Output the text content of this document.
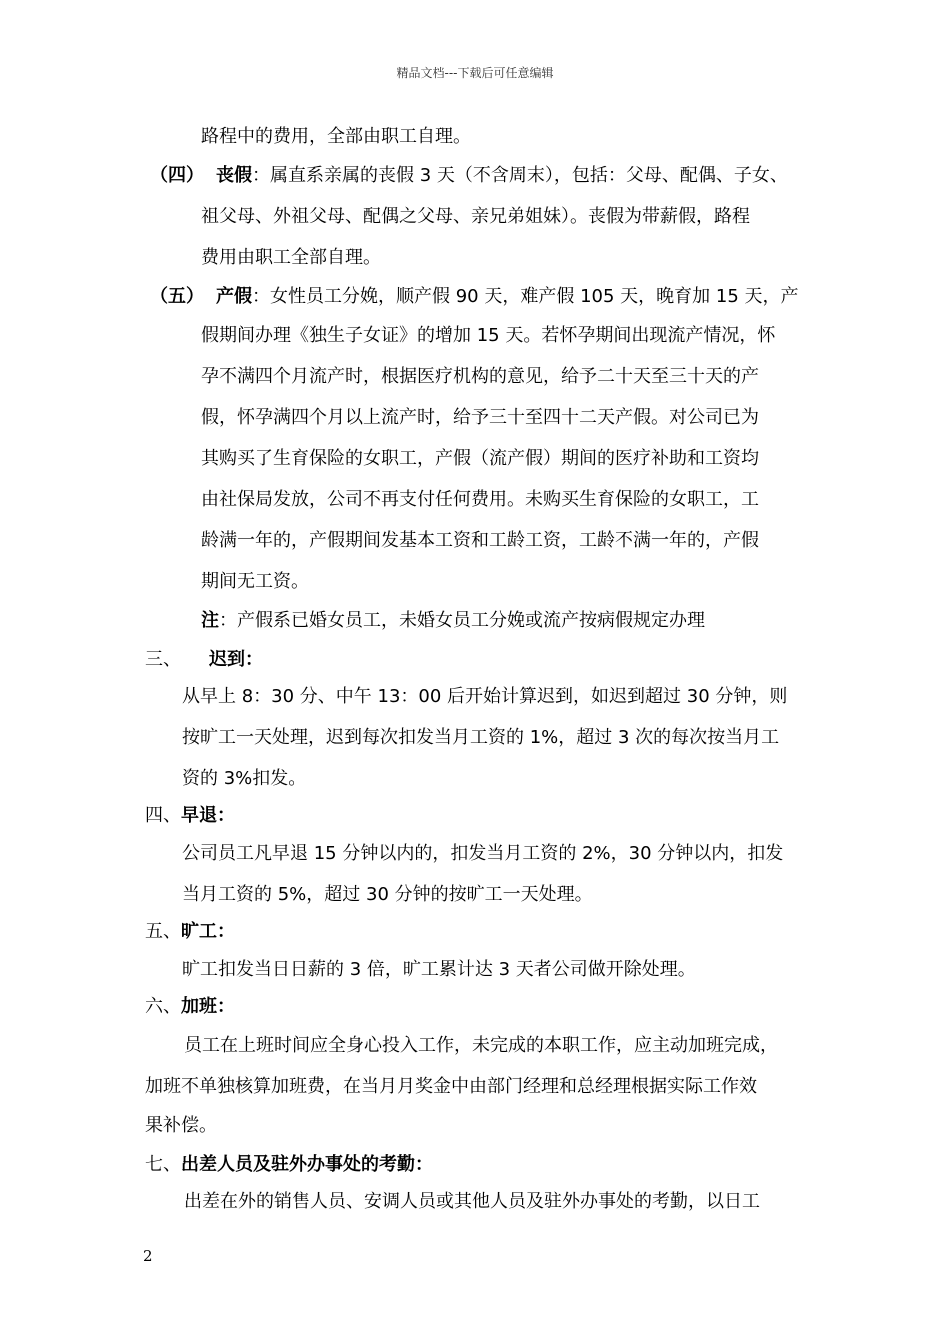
精品文档---下载后可任意编辑
路程中的费用，全部由职工自理。
（四） 丧假：属直系亲属的丧假 3 天（不含周末），包括：父母、配偶、子女、
祖父母、外祖父母、配偶之父母、亲兄弟姐妹）。丧假为带薪假，路程
费用由职工全部自理。
（五） 产假：女性员工分娩，顺产假 90 天，难产假 105 天，晚育加 15 天，产
假期间办理《独生子女证》的增加 15 天。若怀孕期间出现流产情况，怀
孕不满四个月流产时，根据医疗机构的意见，给予二十天至三十天的产
假，怀孕满四个月以上流产时，给予三十至四十二天产假。对公司已为
其购买了生育保险的女职工，产假（流产假）期间的医疗补助和工资均
由社保局发放，公司不再支付任何费用。未购买生育保险的女职工，工
龄满一年的，产假期间发基本工资和工龄工资，工龄不满一年的，产假
期间无工资。
注：产假系已婚女员工，未婚女员工分娩或流产按病假规定办理
三、 迟到：
从早上 8：30 分、中午 13：00 后开始计算迟到，如迟到超过 30 分钟，则
按旷工一天处理，迟到每次扣发当月工资的 1%，超过 3 次的每次按当月工
资的 3%扣发。
四、早退：
公司员工凡早退 15 分钟以内的，扣发当月工资的 2%，30 分钟以内，扣发
当月工资的 5%，超过 30 分钟的按旷工一天处理。
五、旷工：
旷工扣发当日日薪的 3 倍，旷工累计达 3 天者公司做开除处理。
六、加班：
员工在上班时间应全身心投入工作，未完成的本职工作，应主动加班完成，
加班不单独核算加班费，在当月月奖金中由部门经理和总经理根据实际工作效
果补偿。
七、出差人员及驻外办事处的考勤：
出差在外的销售人员、安调人员或其他人员及驻外办事处的考勤，以日工
2
